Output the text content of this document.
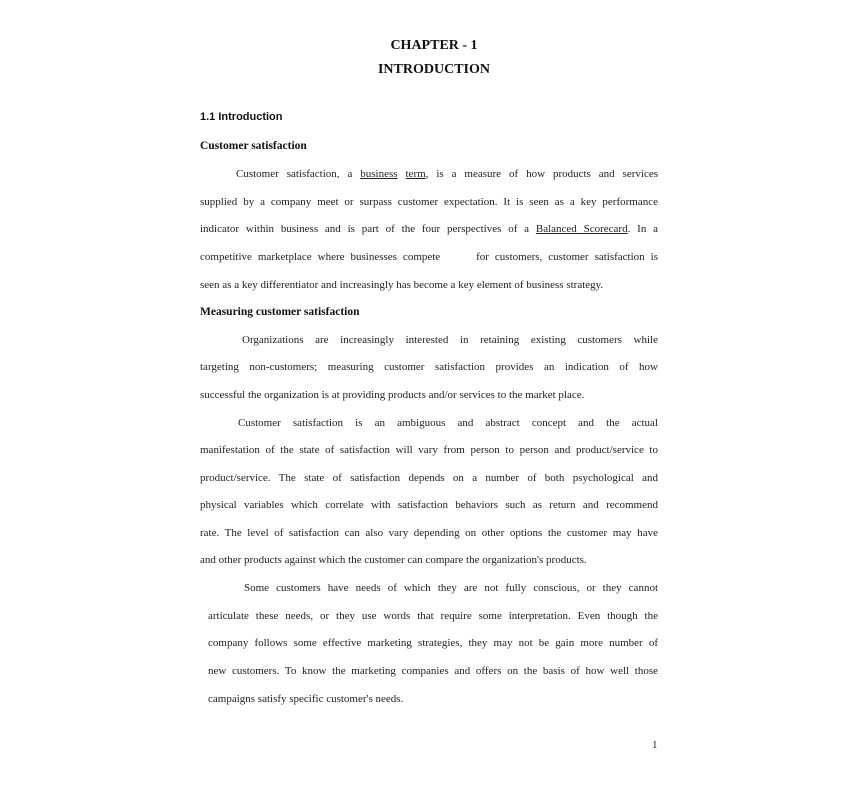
CHAPTER - 1
INTRODUCTION
1.1 Introduction
Customer satisfaction
Customer satisfaction, a business term, is a measure of how products and services
supplied by a company meet or surpass customer expectation. It is seen as a key performance
indicator within business and is part of the four perspectives of a Balanced Scorecard. In a
competitive marketplace where businesses compete      for customers, customer satisfaction is
seen as a key differentiator and increasingly has become a key element of business strategy.
Measuring customer satisfaction
Organizations are increasingly interested in retaining existing customers while
targeting non-customers; measuring customer satisfaction provides an indication of how
successful the organization is at providing products and/or services to the market place.
Customer satisfaction is an ambiguous and abstract concept and the actual
manifestation of the state of satisfaction will vary from person to person and product/service to
product/service. The state of satisfaction depends on a number of both psychological and
physical variables which correlate with satisfaction behaviors such as return and recommend
rate. The level of satisfaction can also vary depending on other options the customer may have
and other products against which the customer can compare the organization's products.
Some customers have needs of which they are not fully conscious, or they cannot
articulate these needs, or they use words that require some interpretation. Even though the
company follows some effective marketing strategies, they may not be gain more number of
new customers. To know the marketing companies and offers on the basis of how well those
campaigns satisfy specific customer's needs.
1
